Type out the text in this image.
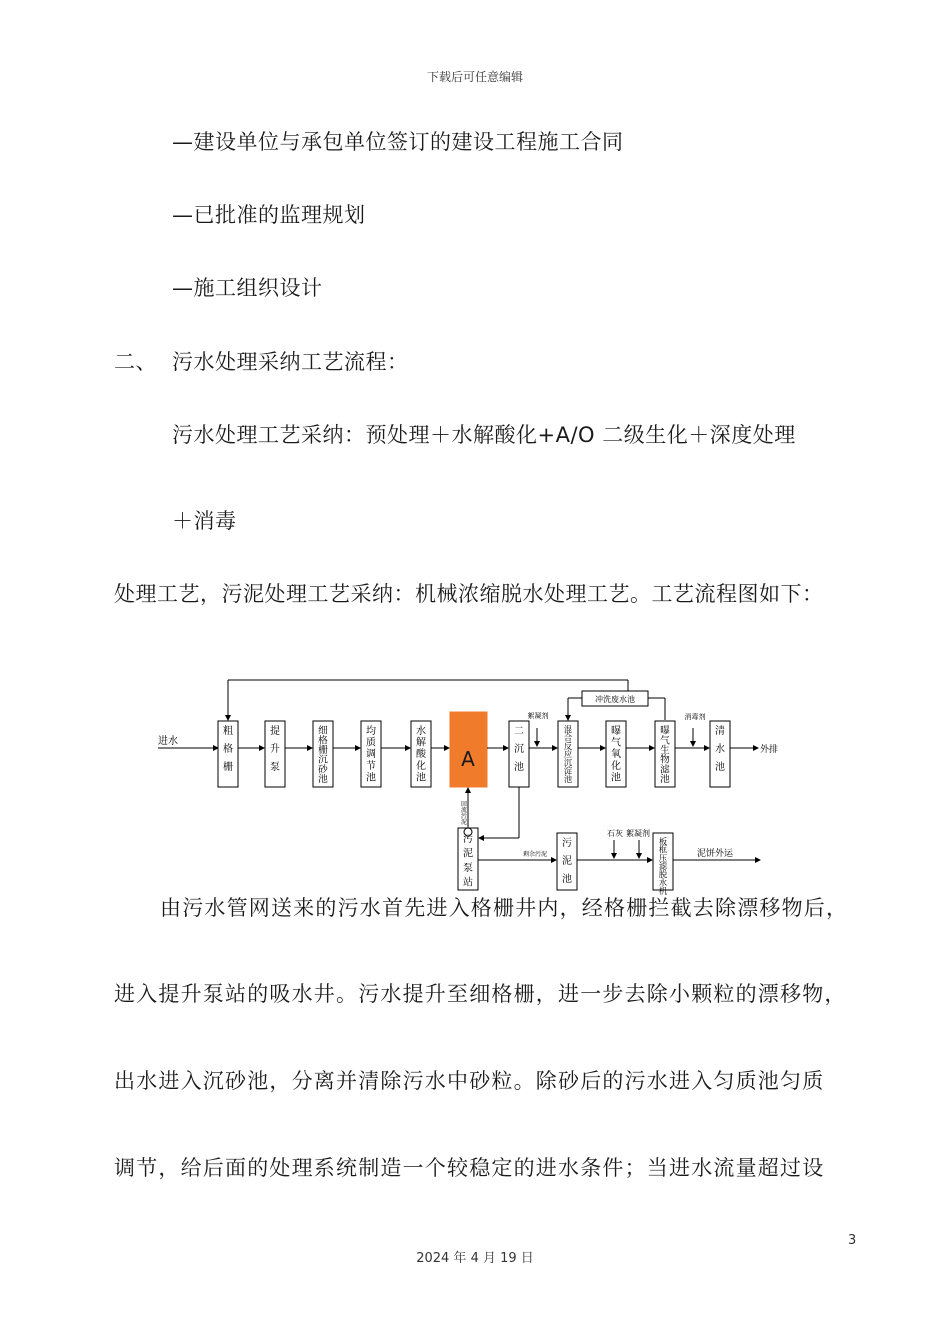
下载后可任意编辑
—建设单位与承包单位签订的建设工程施工合同
—已批准的监理规划
—施工组织设计
二、 污水处理采纳工艺流程：
污水处理工艺采纳：预处理＋水解酸化+A/O 二级生化＋深度处理
＋消毒
处理工艺，污泥处理工艺采纳：机械浓缩脱水处理工艺。工艺流程图如下：
进水
外排
A
冲洗废水池
絮凝剂	消毒剂
剩余污泥
石灰 絮凝剂
泥饼外运
粗格栅
提升泵
细格栅沉砂池
均质调节池
水解酸化池
二沉池
混合反应沉淀池
曝气氧化池
曝气生物滤池
清水池
污泥泵站
污泥池
板框压滤脱水机
回流污泥
由污水管网送来的污水首先进入格栅井内，经格栅拦截去除漂移物后，
进入提升泵站的吸水井。污水提升至细格栅，进一步去除小颗粒的漂移物，
出水进入沉砂池，分离并清除污水中砂粒。除砂后的污水进入匀质池匀质
调节，给后面的处理系统制造一个较稳定的进水条件；当进水流量超过设
3
2024 年 4 月 19 日
